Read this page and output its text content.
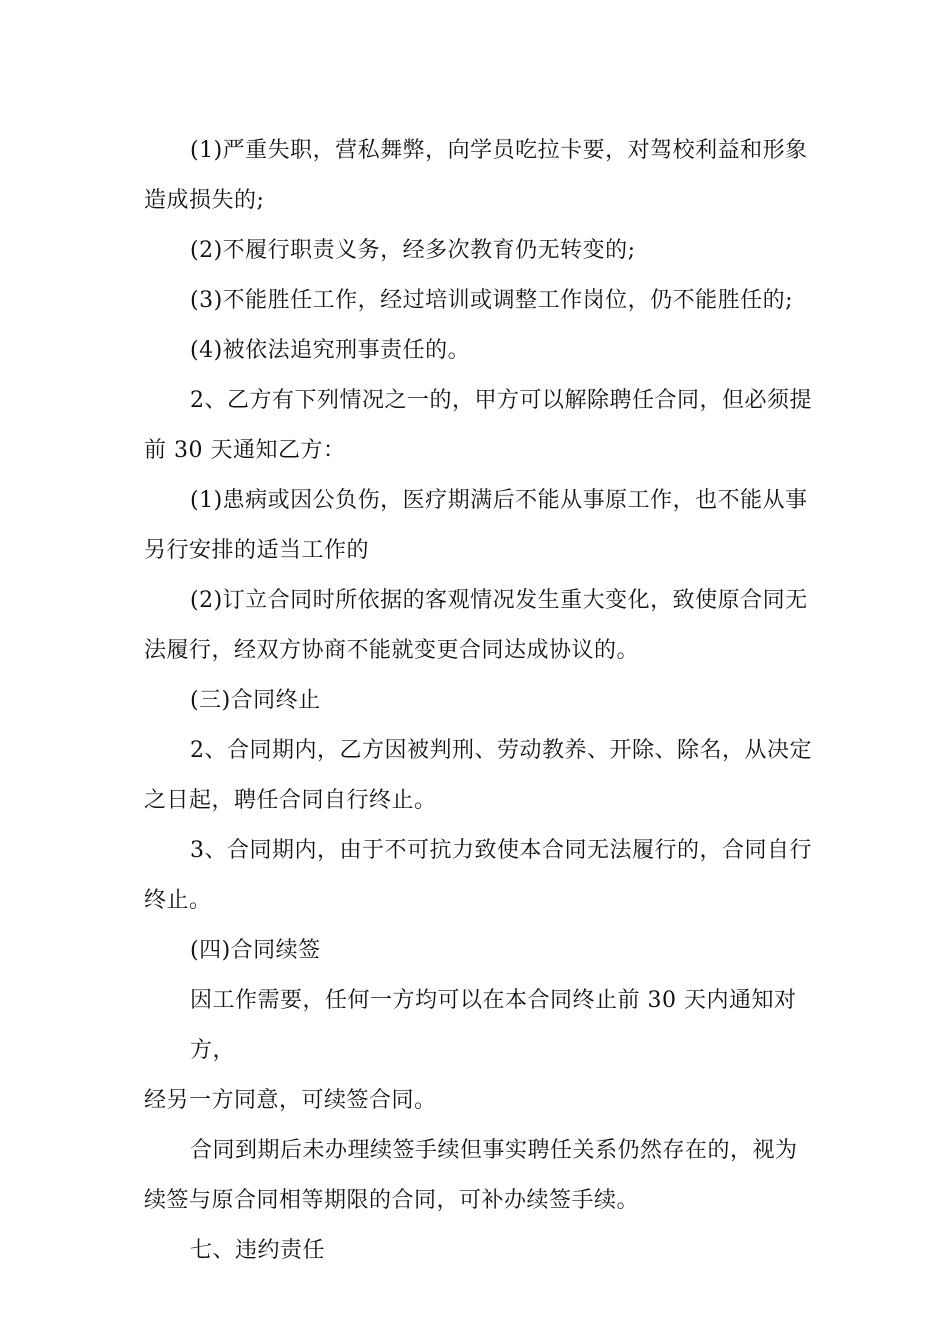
(1)严重失职，营私舞弊，向学员吃拉卡要，对驾校利益和形象
造成损失的;

(2)不履行职责义务，经多次教育仍无转变的;

(3)不能胜任工作，经过培训或调整工作岗位，仍不能胜任的;

(4)被依法追究刑事责任的。

2、乙方有下列情况之一的，甲方可以解除聘任合同，但必须提
前 30 天通知乙方：

(1)患病或因公负伤，医疗期满后不能从事原工作，也不能从事
另行安排的适当工作的

(2)订立合同时所依据的客观情况发生重大变化，致使原合同无
法履行，经双方协商不能就变更合同达成协议的。

(三)合同终止

2、合同期内，乙方因被判刑、劳动教养、开除、除名，从决定
之日起，聘任合同自行终止。

3、合同期内，由于不可抗力致使本合同无法履行的，合同自行
终止。

(四)合同续签

因工作需要，任何一方均可以在本合同终止前 30 天内通知对方，
经另一方同意，可续签合同。

合同到期后未办理续签手续但事实聘任关系仍然存在的，视为
续签与原合同相等期限的合同，可补办续签手续。

七、违约责任
